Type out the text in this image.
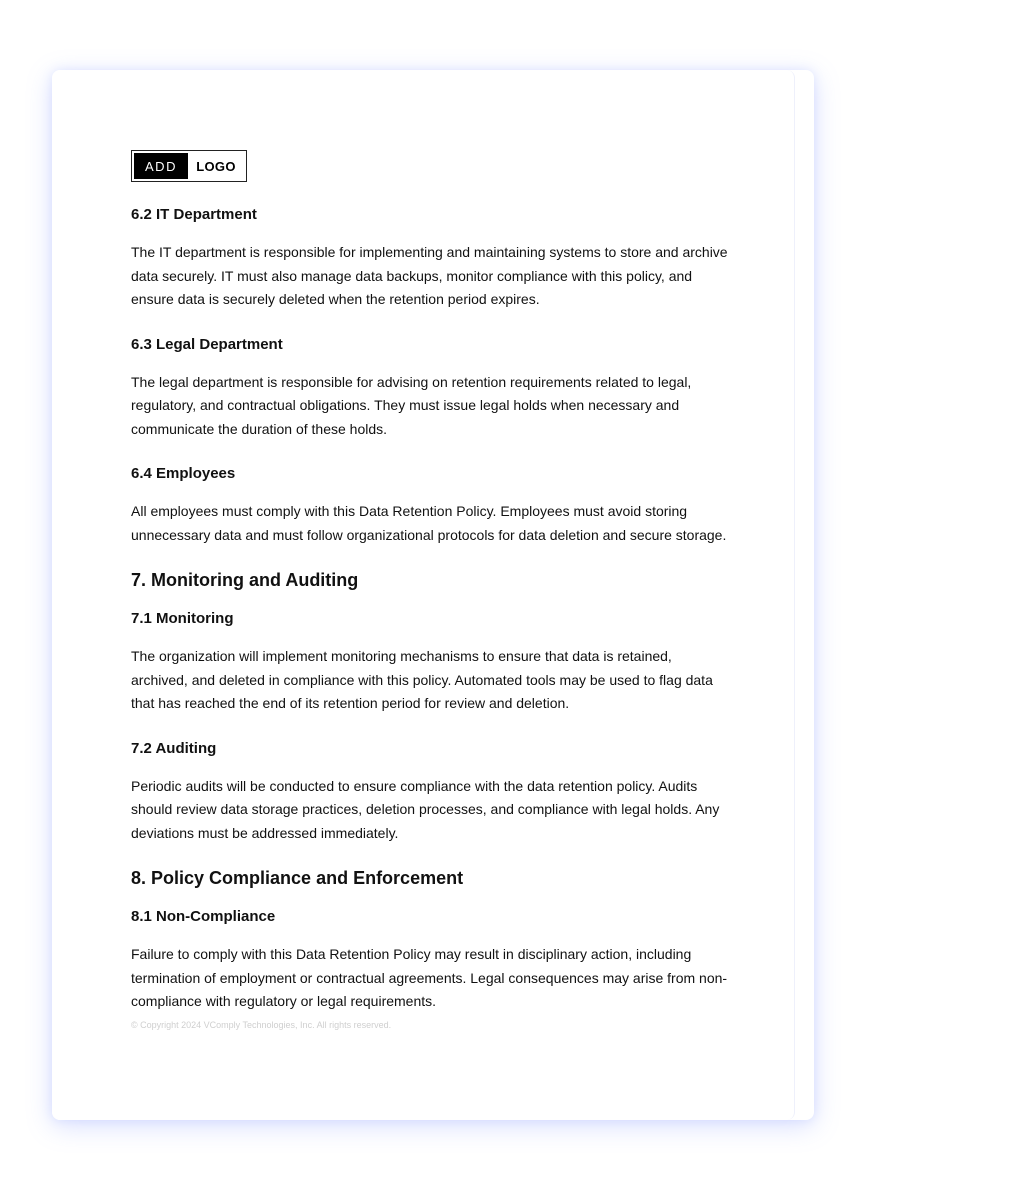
ADD	LOGO
6.2 IT Department

The IT department is responsible for implementing and maintaining systems to store and archive data securely. IT must also manage data backups, monitor compliance with this policy, and ensure data is securely deleted when the retention period expires.

6.3 Legal Department

The legal department is responsible for advising on retention requirements related to legal, regulatory, and contractual obligations. They must issue legal holds when necessary and communicate the duration of these holds.

6.4 Employees

All employees must comply with this Data Retention Policy. Employees must avoid storing unnecessary data and must follow organizational protocols for data deletion and secure storage.

7. Monitoring and Auditing
7.1 Monitoring

The organization will implement monitoring mechanisms to ensure that data is retained, archived, and deleted in compliance with this policy. Automated tools may be used to flag data that has reached the end of its retention period for review and deletion.

7.2 Auditing

Periodic audits will be conducted to ensure compliance with the data retention policy. Audits should review data storage practices, deletion processes, and compliance with legal holds. Any deviations must be addressed immediately.

8. Policy Compliance and Enforcement
8.1 Non-Compliance

Failure to comply with this Data Retention Policy may result in disciplinary action, including termination of employment or contractual agreements. Legal consequences may arise from non-compliance with regulatory or legal requirements.

© Copyright 2024 VComply Technologies, Inc. All rights reserved.
